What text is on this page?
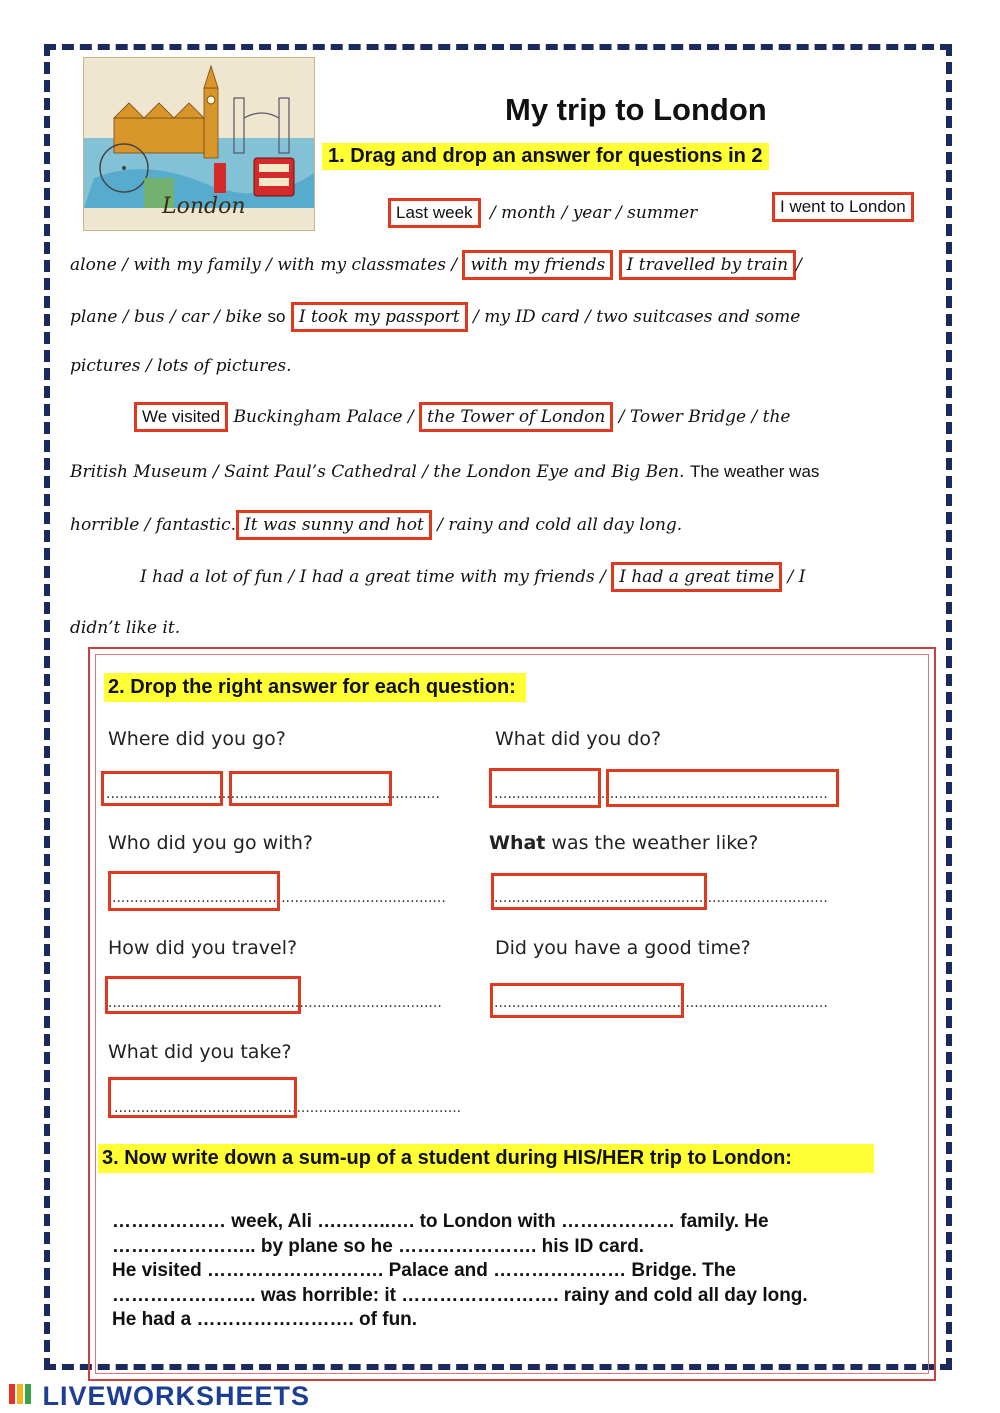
London
My trip to London
1. Drag and drop an answer for questions in 2
Last week / month / year / summer	I went to London
alone / with my family / with my classmates / with my friends I travelled by train /
plane / bus / car / bike so I took my passport / my ID card / two suitcases and some
pictures / lots of pictures.
We visited Buckingham Palace / the Tower of London / Tower Bridge / the
British Museum / Saint Paul’s Cathedral / the London Eye and Big Ben. The weather was
horrible / fantastic. It was sunny and hot / rainy and cold all day long.
I had a lot of fun / I had a great time with my friends / I had a great time / I
didn’t like it.
2. Drop the right answer for each question:
Where did you go?	What did you do?
...........................................................................	...........................................................................
Who did you go with?	What was the weather like?
...........................................................................	...........................................................................
How did you travel?	Did you have a good time?
...........................................................................	...........................................................................
What did you take?
..............................................................................
3. Now write down a sum-up of a student during HIS/HER trip to London:
……………… week, Ali ….……..…. to London with ……………… family. He
………………….. by plane so he …………………. his ID card.
He visited ………………………. Palace and ………………… Bridge. The
………………….. was horrible: it ……………………. rainy and cold all day long.
He had a ……………………. of fun.
LIVEWORKSHEETS
